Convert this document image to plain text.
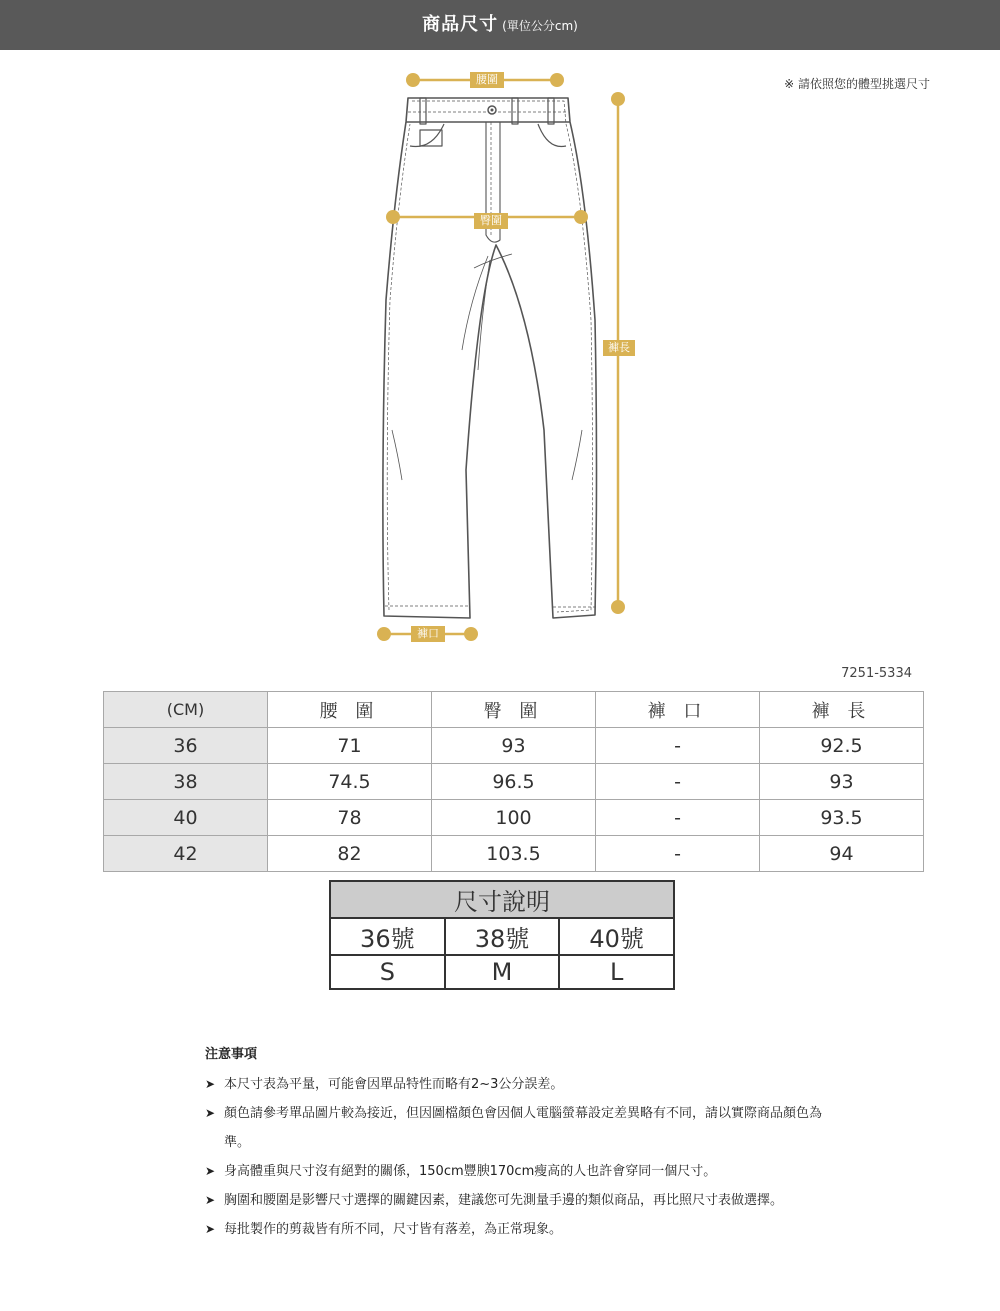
商品尺寸 (單位公分cm)
※ 請依照您的體型挑選尺寸
腰圍
臀圍
褲長
褲口
7251-5334
(CM)	腰 圍	臀 圍	褲 口	褲 長
36	71	93	-	92.5
38	74.5	96.5	-	93
40	78	100	-	93.5
42	82	103.5	-	94
尺寸說明		
36號	38號	40號
S	M	L
注意事項
➤ 本尺寸表為平量，可能會因單品特性而略有2~3公分誤差。
➤ 顏色請參考單品圖片較為接近，但因圖檔顏色會因個人電腦螢幕設定差異略有不同，請以實際商品顏色為準。
➤ 身高體重與尺寸沒有絕對的關係，150cm豐腴170cm瘦高的人也許會穿同一個尺寸。
➤ 胸圍和腰圍是影響尺寸選擇的關鍵因素，建議您可先測量手邊的類似商品，再比照尺寸表做選擇。
➤ 每批製作的剪裁皆有所不同，尺寸皆有落差，為正常現象。
